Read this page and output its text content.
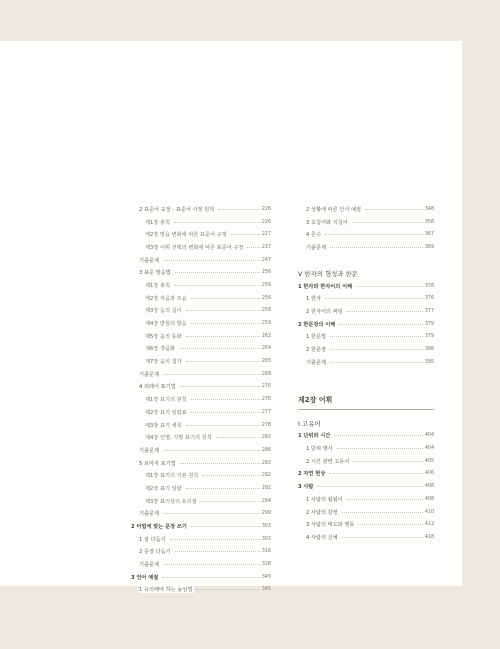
2 표준어 규정 - 표준어 사정 원칙	226
제1장 총칙	226
제2장 발음 변화에 따른 표준어 규정	227
제3장 어휘 선택의 변화에 따른 표준어 규정	237
기출문제	247
3 표준 발음법	256
제1장 총칙	256
제2장 자음과 모음	256
제3장 음의 길이	258
제4장 받침의 발음	259
제5장 음의 동화	262
제6장 경음화	264
제7장 음의 첨가	265
기출문제	268
4 외래어 표기법	276
제1장 표기의 원칙	276
제2장 표기 일람표	277
제3장 표기 세칙	278
제4장 인명, 지명 표기의 원칙	282
기출문제	286
5 로마자 표기법	292
제1장 표기의 기본 원칙	292
제2장 표기 일람	292
제3장 표기상의 유의점	294
기출문제	299
2 어법에 맞는 문장 쓰기	303
1 잘 다듬기	303
2 문장 다듬기	316
기출문제	328
3 언어 예절	345
1 유의해야 하는 높임법	345
2 상황에 따른 인사 예절	348
3 호칭어와 지칭어	356
4 존수	367
기출문제	369
V 한자의 형성과 한문
1 한자와 한자어의 이해	376
1 한자	376
2 한자어의 짜임	377
2 한문장의 이해	379
1 한문법	379
2 한문장	388
기출문제	395
제2장 어휘
I 고유어
1 단위와 시간	404
1 단위 명사	404
2 시간 관련 고유어	405
2 자연 현상	406
3 사람	408
1 사람의 됨됨이	408
2 사람의 감정	410
3 사람의 태도와 행동	412
4 사람의 신체	418
